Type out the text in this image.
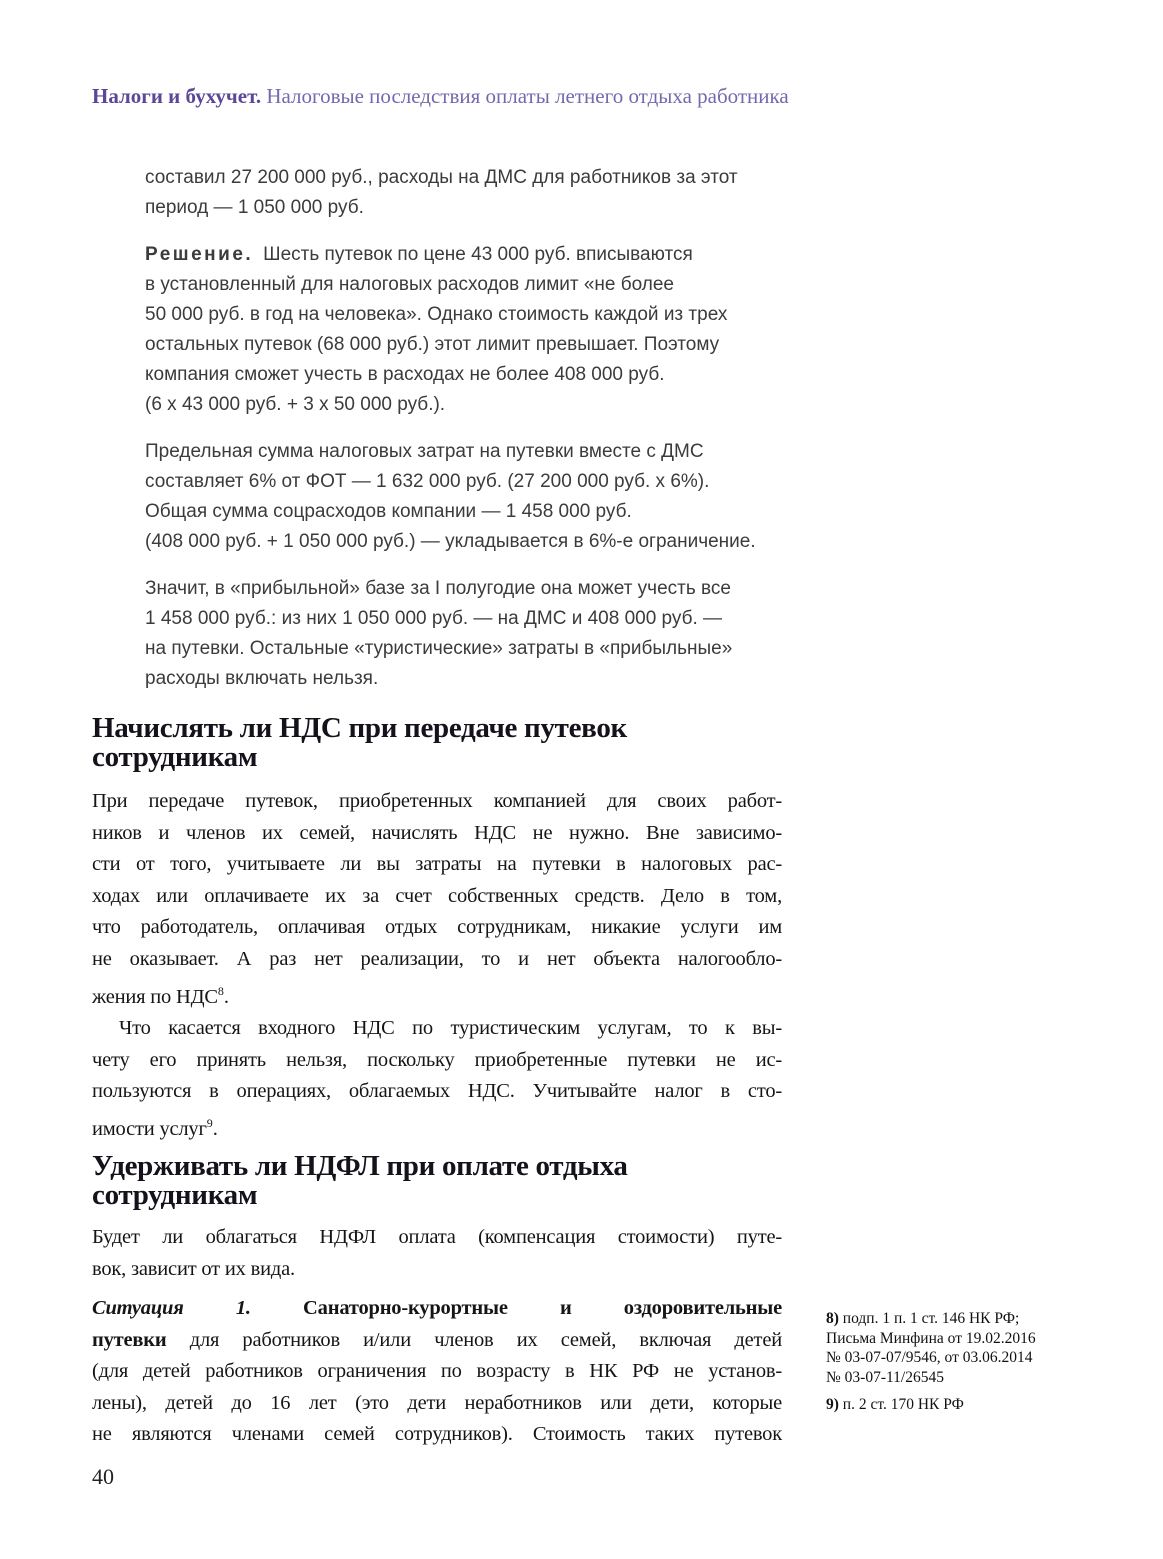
Налоги и бухучет. Налоговые последствия оплаты летнего отдыха работника
составил 27 200 000 руб., расходы на ДМС для работников за этот
период — 1 050 000 руб.
Решение. Шесть путевок по цене 43 000 руб. вписываются
в установленный для налоговых расходов лимит «не более
50 000 руб. в год на человека». Однако стоимость каждой из трех
остальных путевок (68 000 руб.) этот лимит превышает. Поэтому
компания сможет учесть в расходах не более 408 000 руб.
(6 х 43 000 руб. + 3 х 50 000 руб.).
Предельная сумма налоговых затрат на путевки вместе с ДМС
составляет 6% от ФОТ — 1 632 000 руб. (27 200 000 руб. х 6%).
Общая сумма соцрасходов компании — 1 458 000 руб.
(408 000 руб. + 1 050 000 руб.) — укладывается в 6%-е ограничение.
Значит, в «прибыльной» базе за I полугодие она может учесть все
1 458 000 руб.: из них 1 050 000 руб. — на ДМС и 408 000 руб. —
на путевки. Остальные «туристические» затраты в «прибыльные»
расходы включать нельзя.
Начислять ли НДС при передаче путевок
сотрудникам
При передаче путевок, приобретенных компанией для своих работ-
ников и членов их семей, начислять НДС не нужно. Вне зависимо-
сти от того, учитываете ли вы затраты на путевки в налоговых рас-
ходах или оплачиваете их за счет собственных средств. Дело в том,
что работодатель, оплачивая отдых сотрудникам, никакие услуги им
не оказывает. А раз нет реализации, то и нет объекта налогообло-
жения по НДС$^8$.
Что касается входного НДС по туристическим услугам, то к вы-
чету его принять нельзя, поскольку приобретенные путевки не ис-
пользуются в операциях, облагаемых НДС. Учитывайте налог в сто-
имости услуг$^9$.
Удерживать ли НДФЛ при оплате отдыха
сотрудникам
Будет ли облагаться НДФЛ оплата (компенсация стоимости) путе-
вок, зависит от их вида.
Ситуация 1. Санаторно-курортные и оздоровительные
путевки для работников и/или членов их семей, включая детей
(для детей работников ограничения по возрасту в НК РФ не установ-
лены), детей до 16 лет (это дети неработников или дети, которые
не являются членами семей сотрудников). Стоимость таких путевок
8) подп. 1 п. 1 ст. 146 НК РФ;
Письма Минфина от 19.02.2016
№ 03-07-07/9546, от 03.06.2014
№ 03-07-11/26545
9) п. 2 ст. 170 НК РФ
40
